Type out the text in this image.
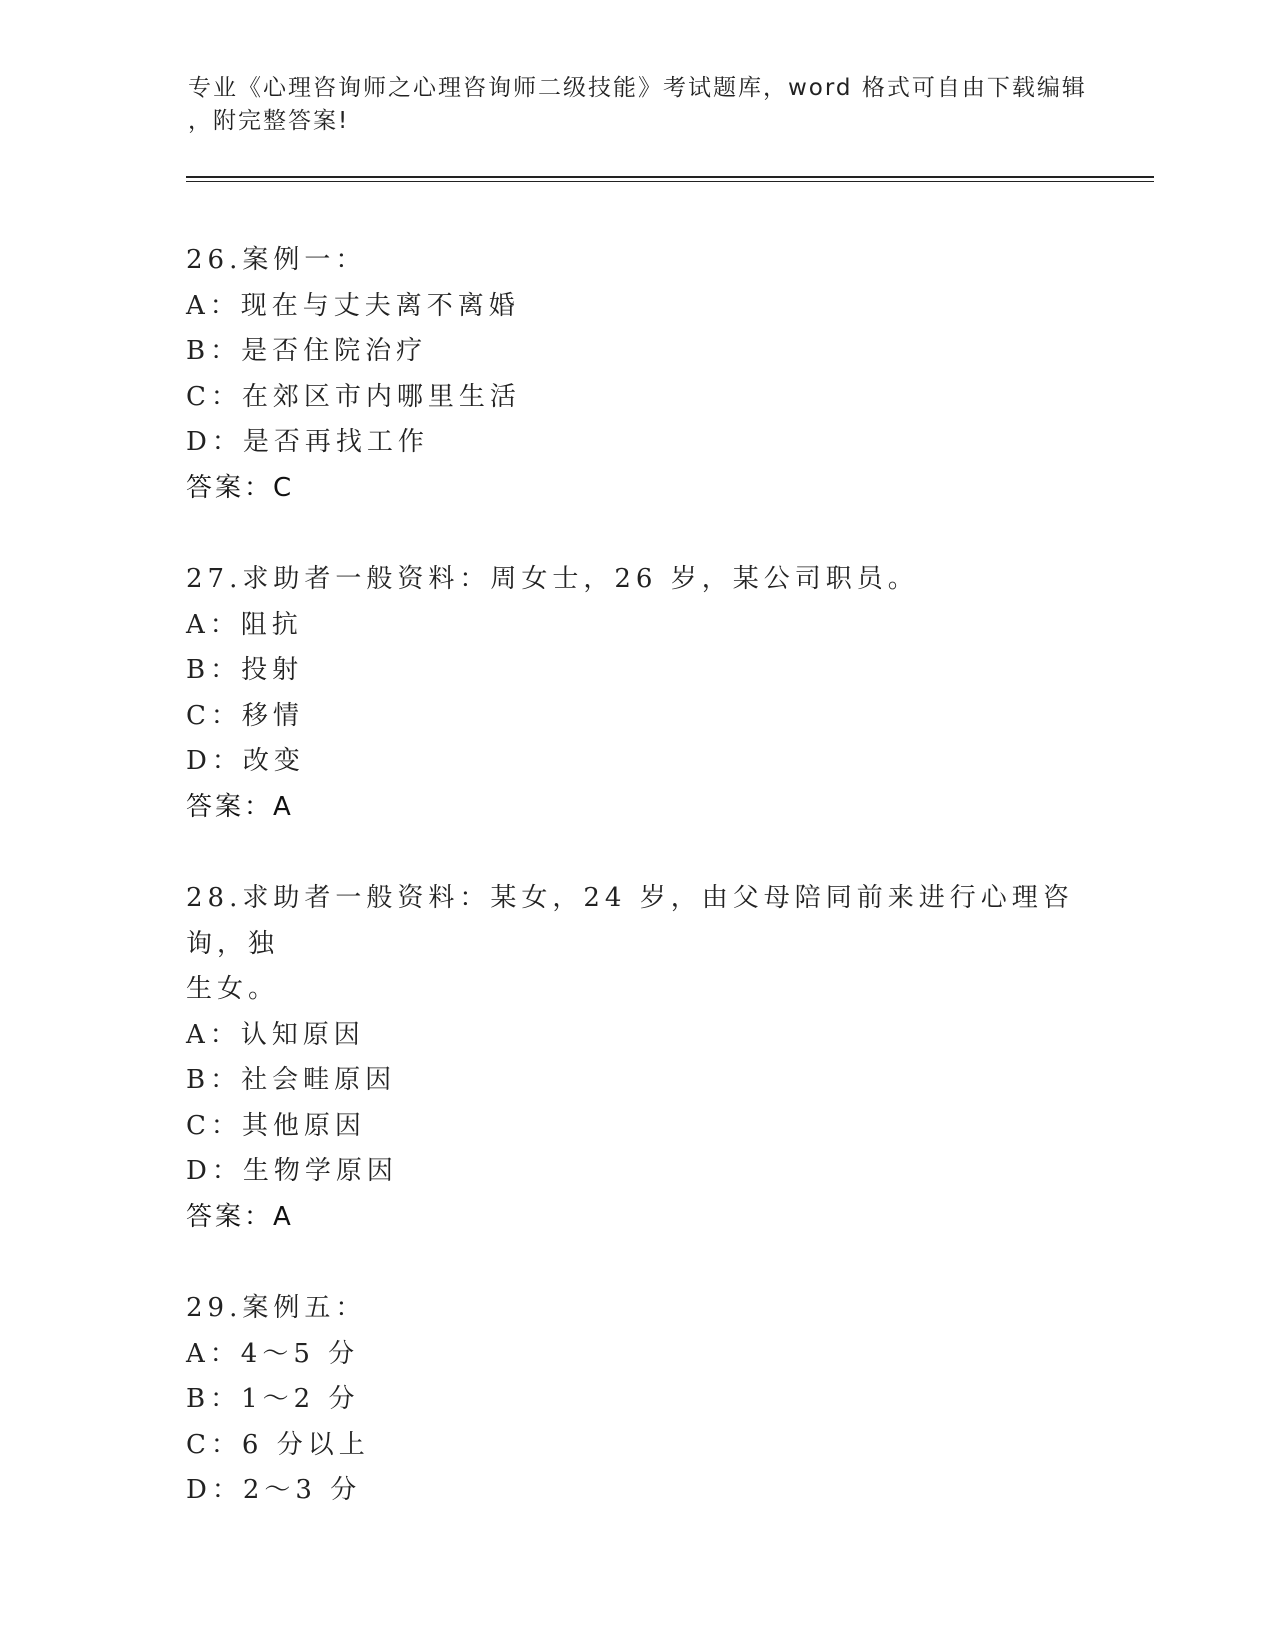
专业《心理咨询师之心理咨询师二级技能》考试题库，word 格式可自由下载编辑
，附完整答案!
26.案例一：
A：现在与丈夫离不离婚
B：是否住院治疗
C：在郊区市内哪里生活
D：是否再找工作
答案：C
27.求助者一般资料：周女士，26 岁，某公司职员。
A：阻抗
B：投射
C：移情
D：改变
答案：A
28.求助者一般资料：某女，24 岁，由父母陪同前来进行心理咨询，独
生女。
A：认知原因
B：社会畦原因
C：其他原因
D：生物学原因
答案：A
29.案例五：
A：4～5 分
B：1～2 分
C：6 分以上
D：2～3 分
